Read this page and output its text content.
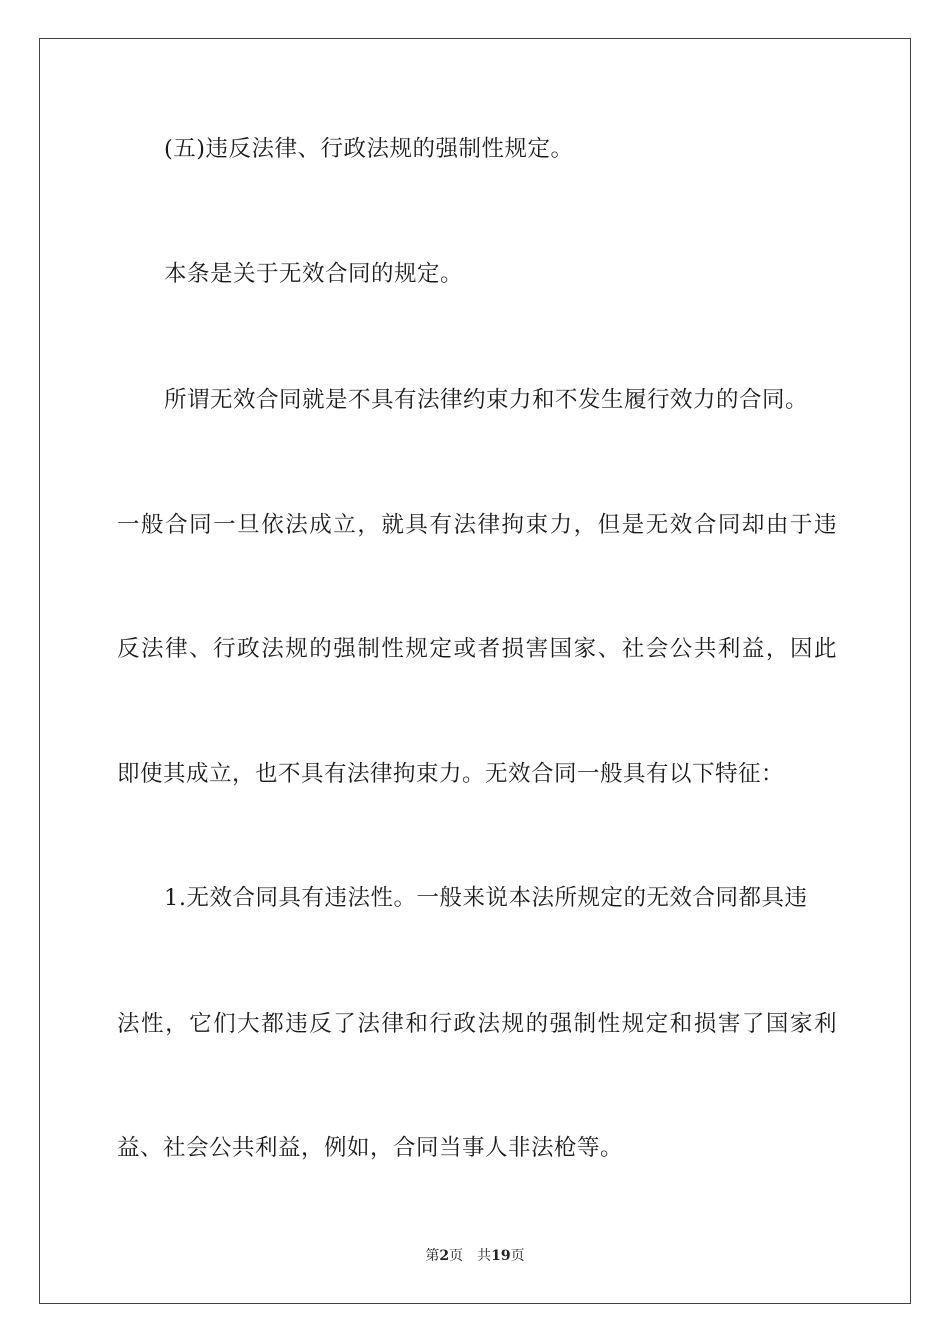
(五)违反法律、行政法规的强制性规定。
本条是关于无效合同的规定。
所谓无效合同就是不具有法律约束力和不发生履行效力的合同。
一般合同一旦依法成立，就具有法律拘束力，但是无效合同却由于违
反法律、行政法规的强制性规定或者损害国家、社会公共利益，因此
即使其成立，也不具有法律拘束力。无效合同一般具有以下特征：
1.无效合同具有违法性。一般来说本法所规定的无效合同都具违
法性，它们大都违反了法律和行政法规的强制性规定和损害了国家利
益、社会公共利益，例如，合同当事人非法枪等。
第2页 共19页
